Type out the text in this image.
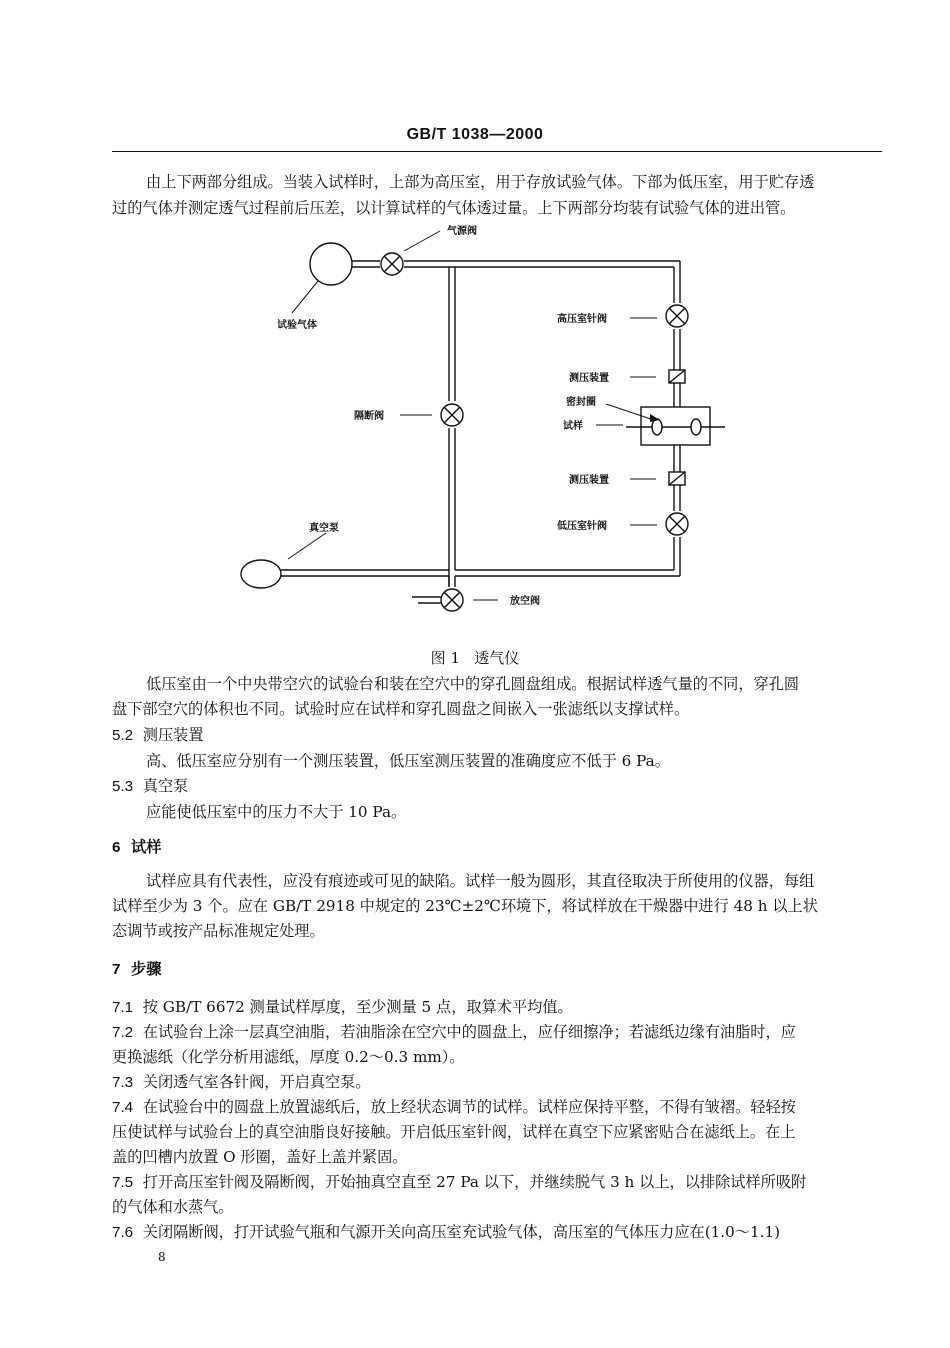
GB/T 1038—2000
由上下两部分组成。当装入试样时，上部为高压室，用于存放试验气体。下部为低压室，用于贮存透
过的气体并测定透气过程前后压差，以计算试样的气体透过量。上下两部分均装有试验气体的进出管。
气源阀
试验气体
高压室针阀
测压装置
密封圈
隔断阀
试样
测压装置
真空泵	低压室针阀
放空阀
图 1 透气仪
低压室由一个中央带空穴的试验台和装在空穴中的穿孔圆盘组成。根据试样透气量的不同，穿孔圆
盘下部空穴的体积也不同。试验时应在试样和穿孔圆盘之间嵌入一张滤纸以支撑试样。
5.2 测压装置
高、低压室应分别有一个测压装置，低压室测压装置的准确度应不低于 6 Pa。
5.3 真空泵
应能使低压室中的压力不大于 10 Pa。
6 试样
试样应具有代表性，应没有痕迹或可见的缺陷。试样一般为圆形，其直径取决于所使用的仪器，每组
试样至少为 3 个。应在 GB/T 2918 中规定的 23℃±2℃环境下，将试样放在干燥器中进行 48 h 以上状
态调节或按产品标准规定处理。
7 步骤
7.1 按 GB/T 6672 测量试样厚度，至少测量 5 点，取算术平均值。
7.2 在试验台上涂一层真空油脂，若油脂涂在空穴中的圆盘上，应仔细擦净；若滤纸边缘有油脂时，应
更换滤纸（化学分析用滤纸，厚度 0.2～0.3 mm）。
7.3 关闭透气室各针阀，开启真空泵。
7.4 在试验台中的圆盘上放置滤纸后，放上经状态调节的试样。试样应保持平整，不得有皱褶。轻轻按
压使试样与试验台上的真空油脂良好接触。开启低压室针阀，试样在真空下应紧密贴合在滤纸上。在上
盖的凹槽内放置 O 形圈，盖好上盖并紧固。
7.5 打开高压室针阀及隔断阀，开始抽真空直至 27 Pa 以下，并继续脱气 3 h 以上，以排除试样所吸附
的气体和水蒸气。
7.6 关闭隔断阀，打开试验气瓶和气源开关向高压室充试验气体，高压室的气体压力应在(1.0～1.1)
8
